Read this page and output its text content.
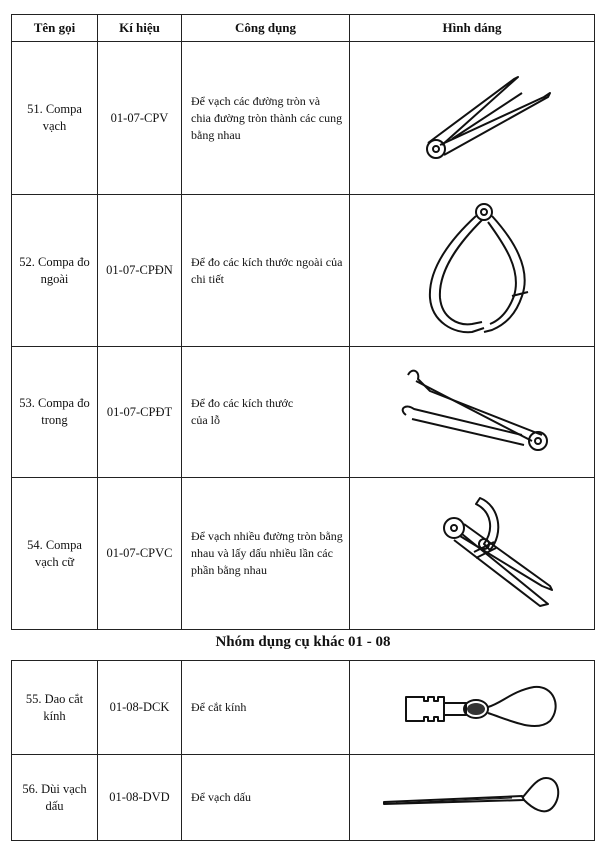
Tên gọi	Kí hiệu	Công dụng	Hình dáng
51. Compa
vạch	01-07-CPV	Để vạch các đường tròn và chia đường tròn thành các cung bằng nhau	

52. Compa đo
ngoài	01-07-CPĐN	Để đo các kích thước ngoài của chi tiết	

53. Compa đo
trong	01-07-CPĐT	Để đo các kích thước
của lỗ	

54. Compa
vạch cữ	01-07-CPVC	Để vạch nhiều đường tròn bằng nhau và lấy dấu nhiều lần các phần bằng nhau	
Nhóm dụng cụ khác 01 - 08
55. Dao cắt
kính	01-08-DCK	Để cắt kính	

56. Dùi vạch
dấu	01-08-DVD	Để vạch dấu	
